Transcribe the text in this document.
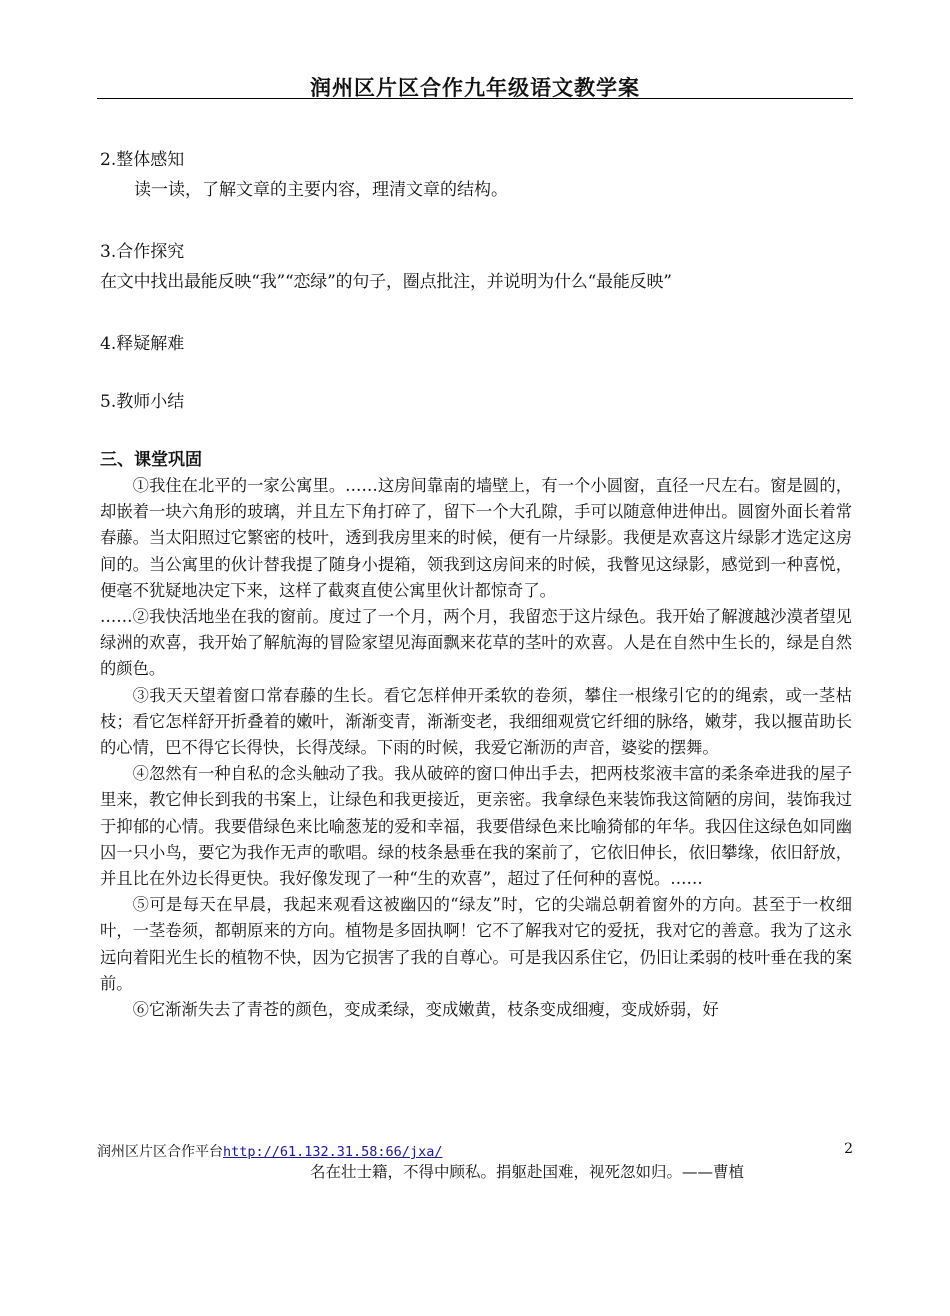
润州区片区合作九年级语文教学案
2.整体感知
读一读，了解文章的主要内容，理清文章的结构。
3.合作探究
在文中找出最能反映“我”“恋绿”的句子，圈点批注，并说明为什么“最能反映”
4.释疑解难
5.教师小结
三、课堂巩固

①我住在北平的一家公寓里。……这房间靠南的墙壁上，有一个小圆窗，直径一尺左右。窗是圆的，却嵌着一块六角形的玻璃，并且左下角打碎了，留下一个大孔隙，手可以随意伸进伸出。圆窗外面长着常春藤。当太阳照过它繁密的枝叶，透到我房里来的时候，便有一片绿影。我便是欢喜这片绿影才选定这房间的。当公寓里的伙计替我提了随身小提箱，领我到这房间来的时候，我瞥见这绿影，感觉到一种喜悦，便毫不犹疑地决定下来，这样了截爽直使公寓里伙计都惊奇了。

……②我快活地坐在我的窗前。度过了一个月，两个月，我留恋于这片绿色。我开始了解渡越沙漠者望见绿洲的欢喜，我开始了解航海的冒险家望见海面飘来花草的茎叶的欢喜。人是在自然中生长的，绿是自然的颜色。

③我天天望着窗口常春藤的生长。看它怎样伸开柔软的卷须，攀住一根缘引它的的绳索，或一茎枯枝；看它怎样舒开折叠着的嫩叶，渐渐变青，渐渐变老，我细细观赏它纤细的脉络，嫩芽，我以揠苗助长的心情，巴不得它长得快，长得茂绿。下雨的时候，我爱它渐沥的声音，婆娑的摆舞。

④忽然有一种自私的念头触动了我。我从破碎的窗口伸出手去，把两枝浆液丰富的柔条牵进我的屋子里来，教它伸长到我的书案上，让绿色和我更接近，更亲密。我拿绿色来装饰我这简陋的房间，装饰我过于抑郁的心情。我要借绿色来比喻葱茏的爱和幸福，我要借绿色来比喻猗郁的年华。我囚住这绿色如同幽囚一只小鸟，要它为我作无声的歌唱。绿的枝条悬垂在我的案前了，它依旧伸长，依旧攀缘，依旧舒放，并且比在外边长得更快。我好像发现了一种“生的欢喜”，超过了任何种的喜悦。……

⑤可是每天在早晨，我起来观看这被幽囚的“绿友”时，它的尖端总朝着窗外的方向。甚至于一枚细叶，一茎卷须，都朝原来的方向。植物是多固执啊！它不了解我对它的爱抚，我对它的善意。我为了这永远向着阳光生长的植物不快，因为它损害了我的自尊心。可是我囚系住它，仍旧让柔弱的枝叶垂在我的案前。

⑥它渐渐失去了青苍的颜色，变成柔绿，变成嫩黄，枝条变成细瘦，变成娇弱，好

润州区片区合作平台http://61.132.31.58:66/jxa/	2
名在壮士籍，不得中顾私。捐躯赴国难，视死忽如归。——曹植
